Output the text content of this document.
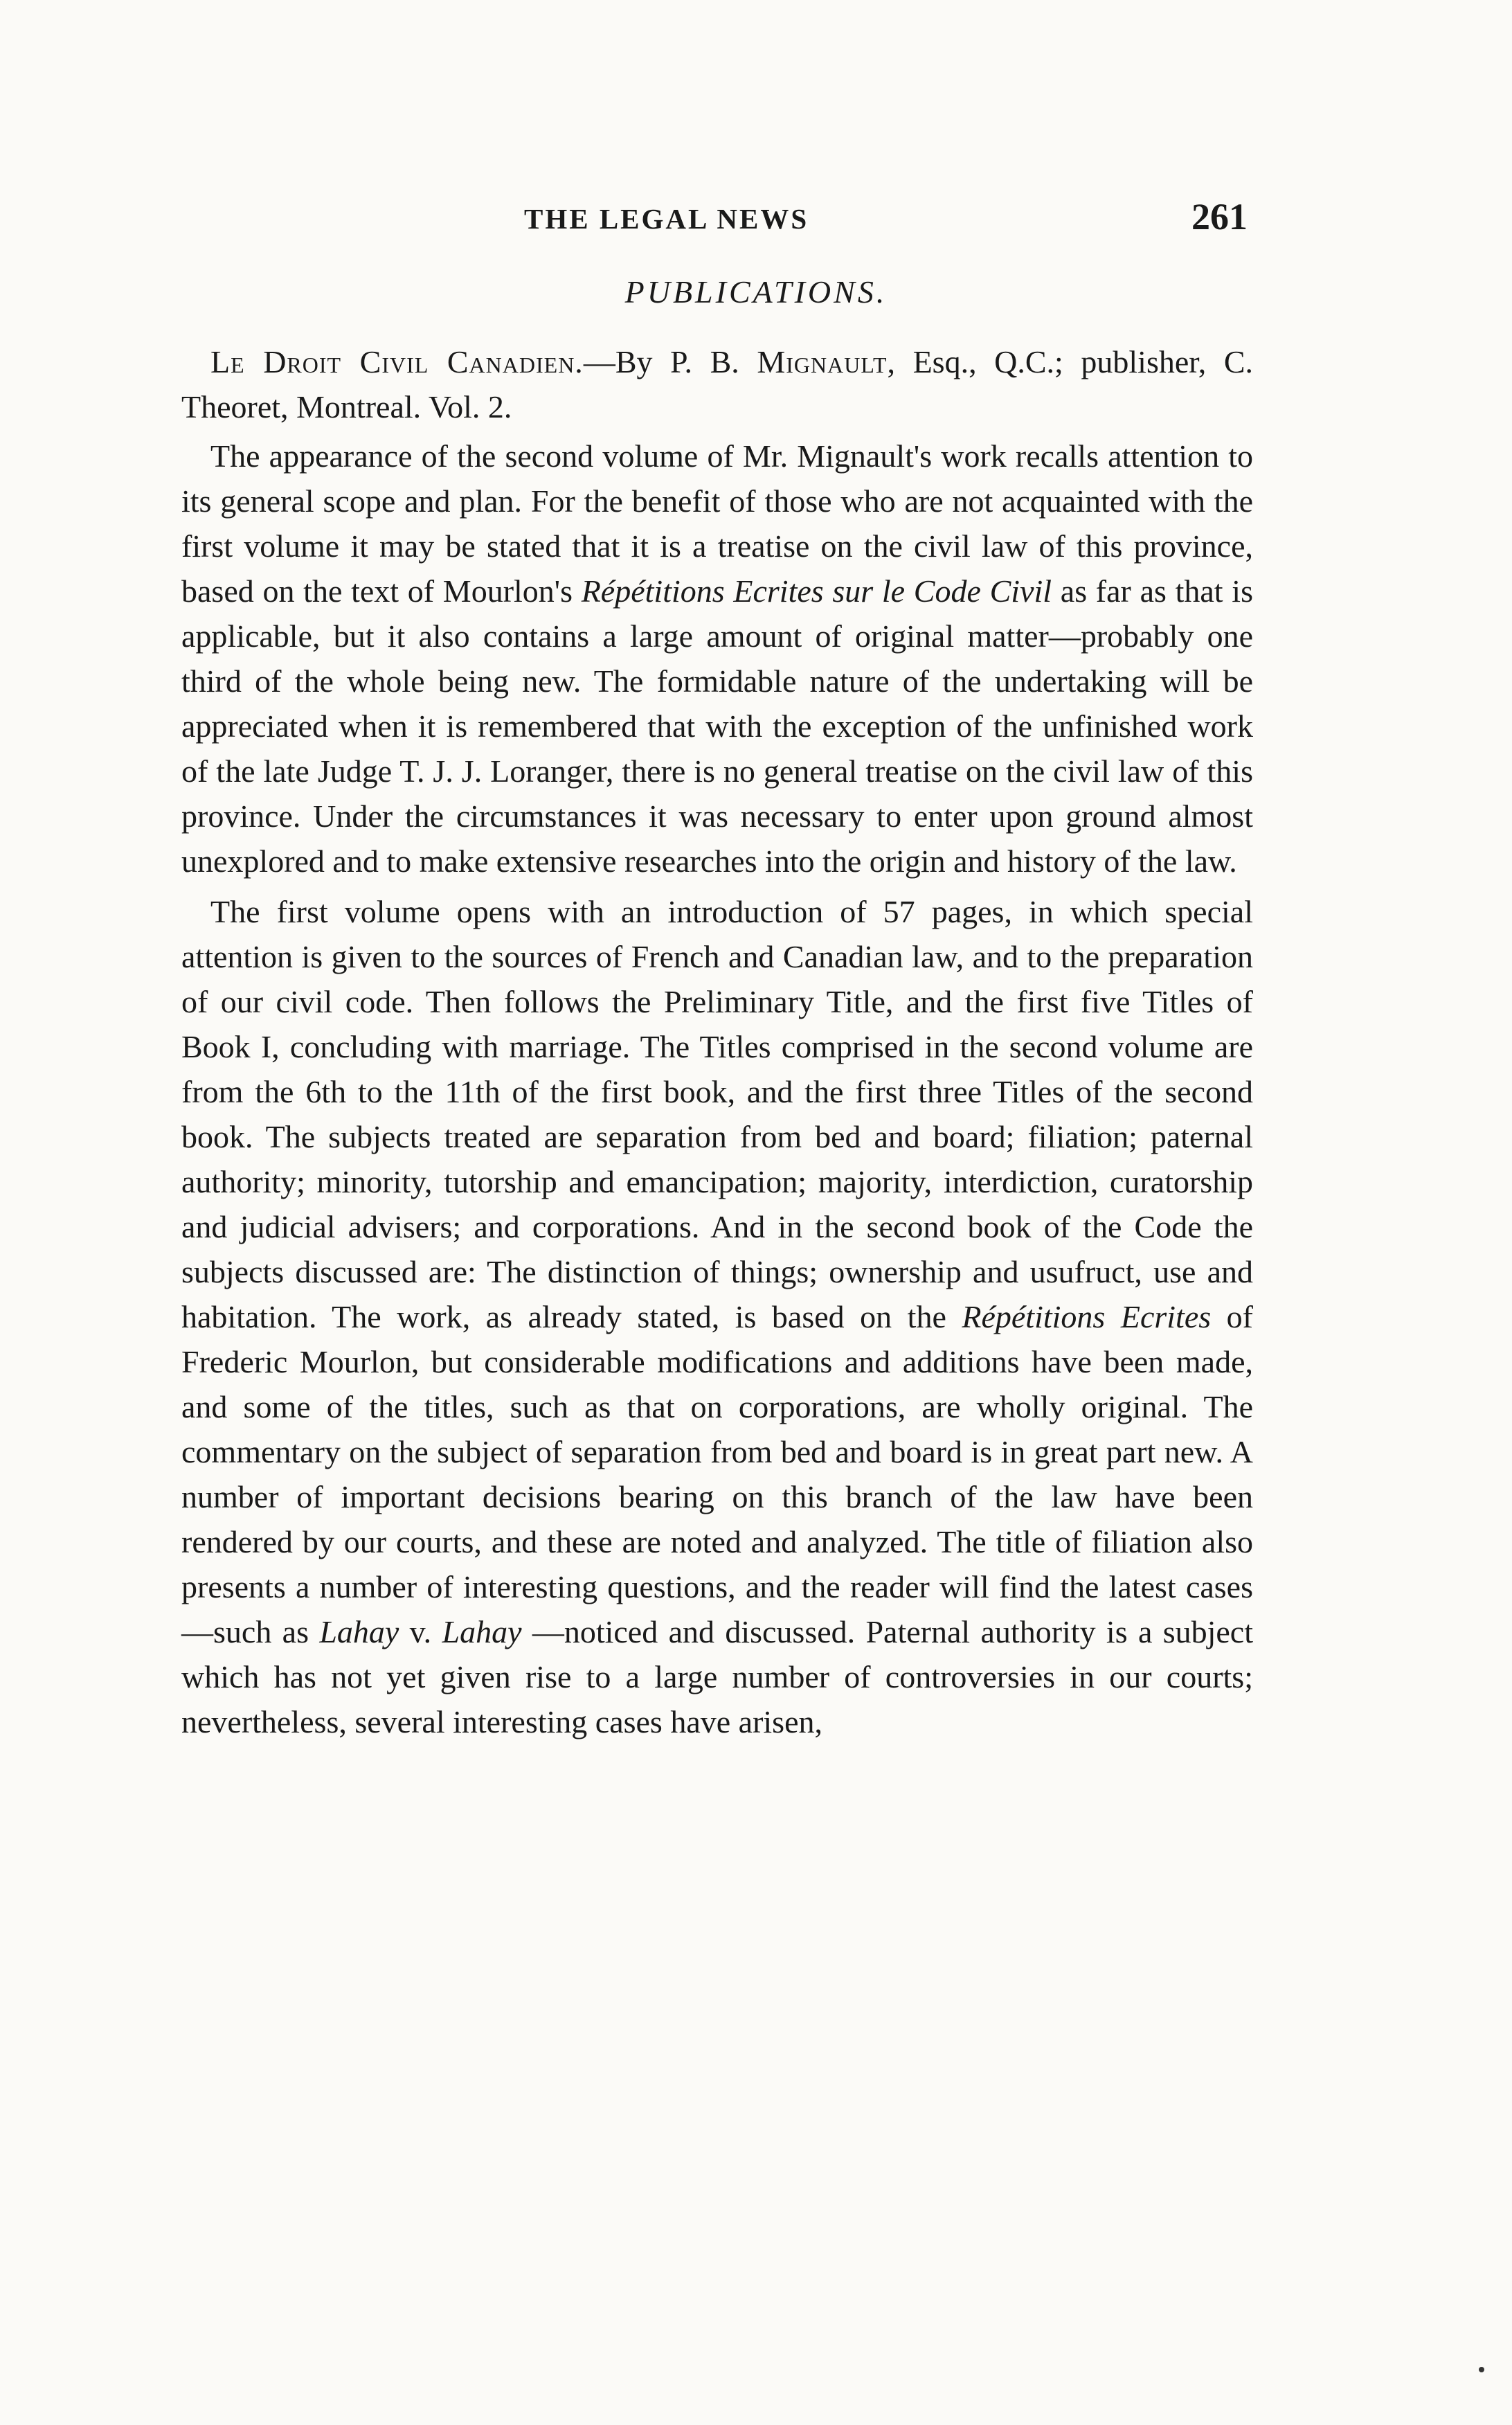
THE LEGAL NEWS	261
PUBLICATIONS.

Le Droit Civil Canadien.—By P. B. Mignault, Esq., Q.C.; publisher, C. Theoret, Montreal. Vol. 2.

The appearance of the second volume of Mr. Mignault's work recalls attention to its general scope and plan. For the benefit of those who are not acquainted with the first volume it may be stated that it is a treatise on the civil law of this province, based on the text of Mourlon's Répétitions Ecrites sur le Code Civil as far as that is applicable, but it also contains a large amount of original matter—probably one third of the whole being new. The formidable nature of the undertaking will be appreciated when it is remembered that with the exception of the unfinished work of the late Judge T. J. J. Loranger, there is no general treatise on the civil law of this province. Under the circumstances it was necessary to enter upon ground almost unexplored and to make extensive researches into the origin and history of the law.

The first volume opens with an introduction of 57 pages, in which special attention is given to the sources of French and Canadian law, and to the preparation of our civil code. Then follows the Preliminary Title, and the first five Titles of Book I, concluding with marriage. The Titles comprised in the second volume are from the 6th to the 11th of the first book, and the first three Titles of the second book. The subjects treated are separation from bed and board; filiation; paternal authority; minority, tutorship and emancipation; majority, interdiction, curatorship and judicial advisers; and corporations. And in the second book of the Code the subjects discussed are: The distinction of things; ownership and usufruct, use and habitation. The work, as already stated, is based on the Répétitions Ecrites of Frederic Mourlon, but considerable modifications and additions have been made, and some of the titles, such as that on corporations, are wholly original. The commentary on the subject of separation from bed and board is in great part new. A number of important decisions bearing on this branch of the law have been rendered by our courts, and these are noted and analyzed. The title of filiation also presents a number of interesting questions, and the reader will find the latest cases—such as Lahay v. Lahay —noticed and discussed. Paternal authority is a subject which has not yet given rise to a large number of controversies in our courts; nevertheless, several interesting cases have arisen,
